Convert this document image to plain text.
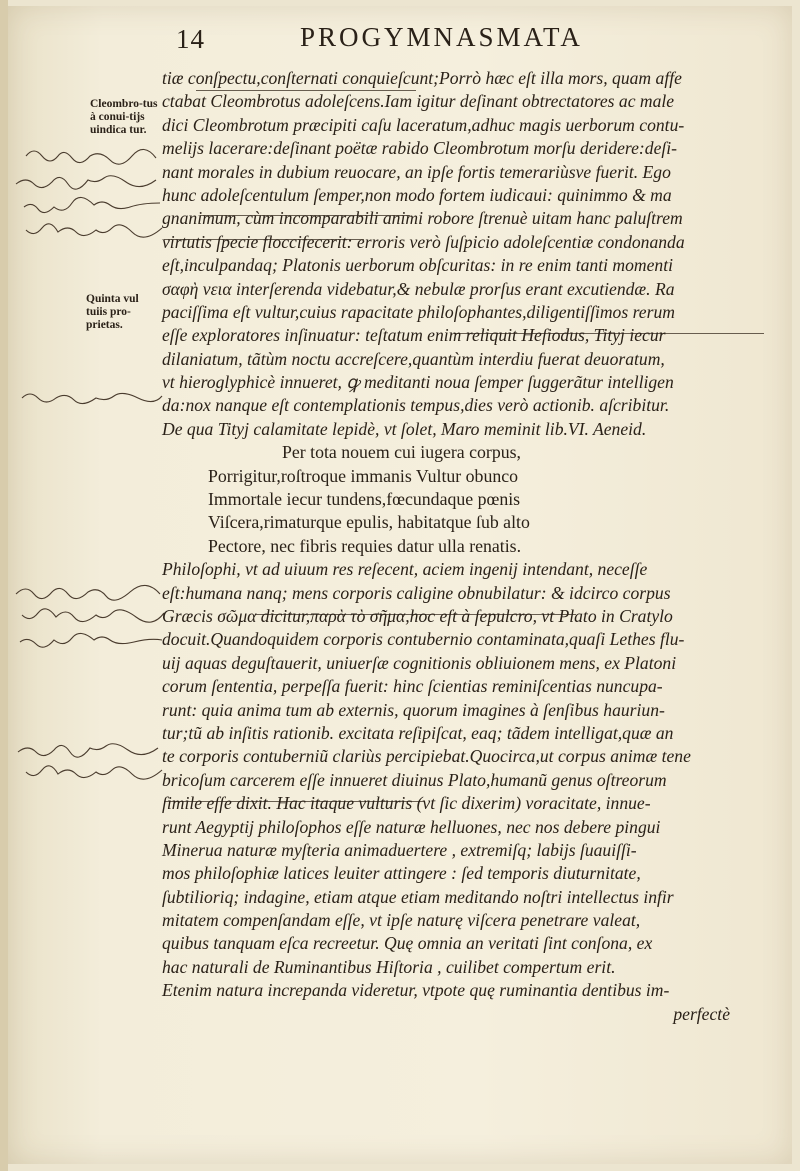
14	PROGYMNASMATA
Cleombro-tus à conui-tijs uindica tur.
Quinta vul tuiis pro-prietas.
tiæ conſpectu,conſternati conquieſcunt;Porrò hæc eſt illa mors, quam affe
ctabat Cleombrotus adoleſcens.Iam igitur deſinant obtrectatores ac male
dici Cleombrotum præcipiti caſu laceratum,adhuc magis uerborum contu-
melijs lacerare:deſinant poëtæ rabido Cleombrotum morſu deridere:deſi-
nant morales in dubium reuocare, an ipſe fortis temerariùsve fuerit. Ego
hunc adoleſcentulum ſemper,non modo fortem iudicaui: quinimmo & ma
gnanimum, cùm incomparabili animi robore ſtrenuè uitam hanc paluſtrem
virtutis ſpecie floccifecerit: erroris verò ſuſpicio adoleſcentiæ condonanda
eſt,inculpandaq; Platonis uerborum obſcuritas: in re enim tanti momenti
σαφὴ νεια interſerenda videbatur,& nebulæ prorſus erant excutiendæ. Ra
paciſſima eſt vultur,cuius rapacitate philoſophantes,diligentiſſimos rerum
eſſe exploratores inſinuatur: teſtatum enim reliquit Heſiodus, Tityj iecur
dilaniatum, tãtùm noctu accreſcere,quantùm interdiu fuerat deuoratum,
vt hieroglyphicè innueret, ꝙ meditanti noua ſemper ſuggerãtur intelligen
da:nox nanque eſt contemplationis tempus,dies verò actionib. aſcribitur.
De qua Tityj calamitate lepidè, vt ſolet, Maro meminit lib.VI. Aeneid.
Per tota nouem cui iugera corpus,
Porrigitur,roſtroque immanis Vultur obunco
Immortale iecur tundens,fœcundaque pœnis
Viſcera,rimaturque epulis, habitatque ſub alto
Pectore, nec fibris requies datur ulla renatis.
Philoſophi, vt ad uiuum res reſecent, aciem ingenij intendant, neceſſe
eſt:humana nanq; mens corporis caligine obnubilatur: & idcirco corpus
Græcis σῶμα dicitur,παρὰ τὸ σῆμα,hoc eſt à ſepulcro, vt Plato in Cratylo
docuit.Quandoquidem corporis contubernio contaminata,quaſi Lethes flu-
uij aquas deguſtauerit, uniuerſæ cognitionis obliuionem mens, ex Platoni
corum ſententia, perpeſſa fuerit: hinc ſcientias reminiſcentias nuncupa-
runt: quia anima tum ab externis, quorum imagines à ſenſibus hauriun-
tur;tũ ab inſitis rationib. excitata reſipiſcat, eaq; tãdem intelligat,quæ an
te corporis contuberniũ clariùs percipiebat.Quocirca,ut corpus animæ tene
bricoſum carcerem eſſe innueret diuinus Plato,humanũ genus oſtreorum
ſimile eſſe dixit. Hac itaque vulturis (vt ſic dixerim) voracitate, innue-
runt Aegyptij philoſophos eſſe naturæ helluones, nec nos debere pingui
Minerua naturæ myſteria animaduertere , extremiſq; labijs ſuauiſſi-
mos philoſophiæ latices leuiter attingere : ſed temporis diuturnitate,
ſubtilioriq; indagine, etiam atque etiam meditando noſtri intellectus infir
mitatem compenſandam eſſe, vt ipſe naturę viſcera penetrare valeat,
quibus tanquam eſca recreetur. Quę omnia an veritati ſint conſona, ex
hac naturali de Ruminantibus Hiſtoria , cuilibet compertum erit.
Etenim natura increpanda videretur, vtpote quę ruminantia dentibus im-
perfectè
